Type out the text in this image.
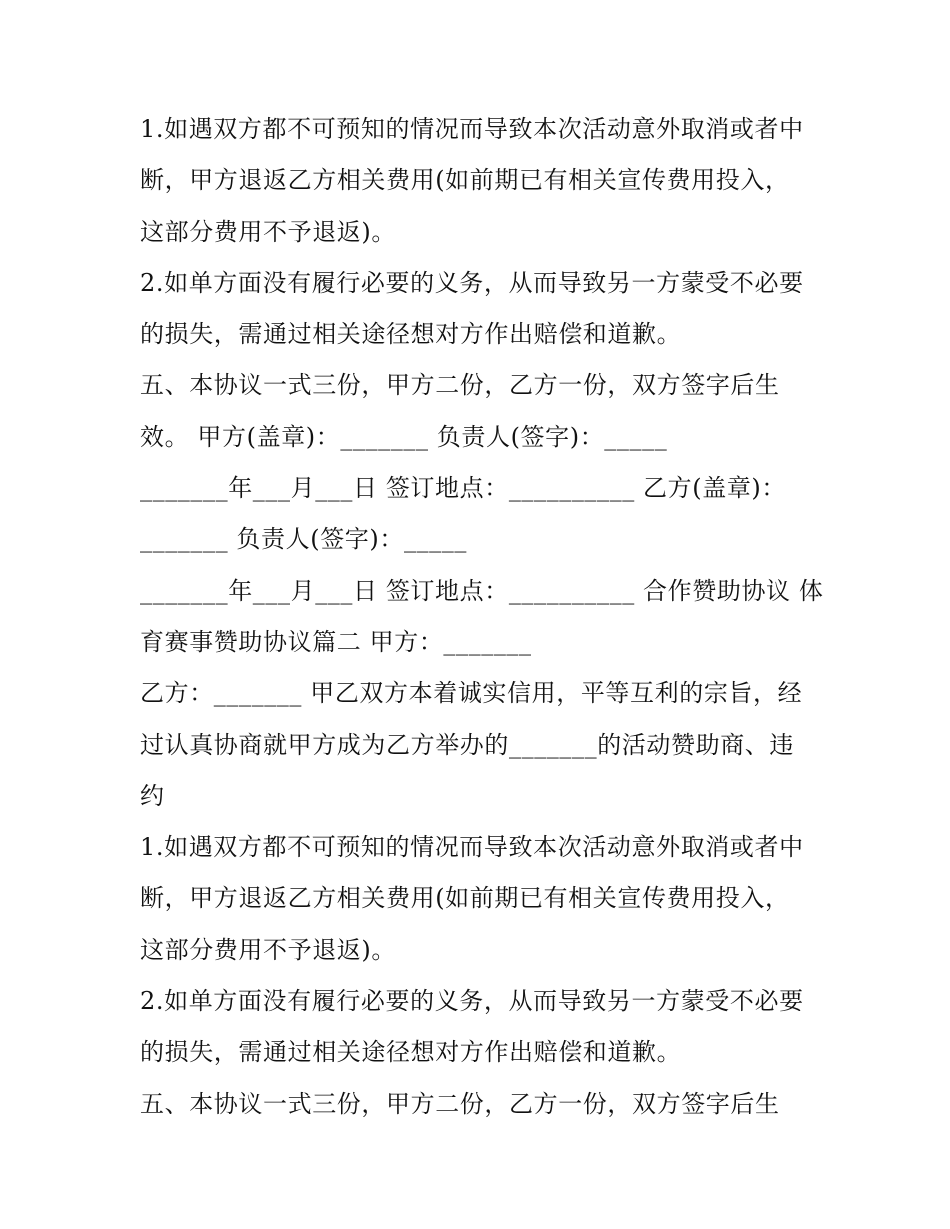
1.如遇双方都不可预知的情况而导致本次活动意外取消或者中
断，甲方退返乙方相关费用(如前期已有相关宣传费用投入，
这部分费用不予退返)。
2.如单方面没有履行必要的义务，从而导致另一方蒙受不必要
的损失，需通过相关途径想对方作出赔偿和道歉。
五、本协议一式三份，甲方二份，乙方一份，双方签字后生
效。 甲方(盖章)：_______ 负责人(签字)：_____
_______年___月___日 签订地点：__________ 乙方(盖章)：
_______ 负责人(签字)：_____
_______年___月___日 签订地点：__________ 合作赞助协议 体
育赛事赞助协议篇二 甲方：_______
乙方：_______ 甲乙双方本着诚实信用，平等互利的宗旨，经
过认真协商就甲方成为乙方举办的_______的活动赞助商、违
约
1.如遇双方都不可预知的情况而导致本次活动意外取消或者中
断，甲方退返乙方相关费用(如前期已有相关宣传费用投入，
这部分费用不予退返)。
2.如单方面没有履行必要的义务，从而导致另一方蒙受不必要
的损失，需通过相关途径想对方作出赔偿和道歉。
五、本协议一式三份，甲方二份，乙方一份，双方签字后生
